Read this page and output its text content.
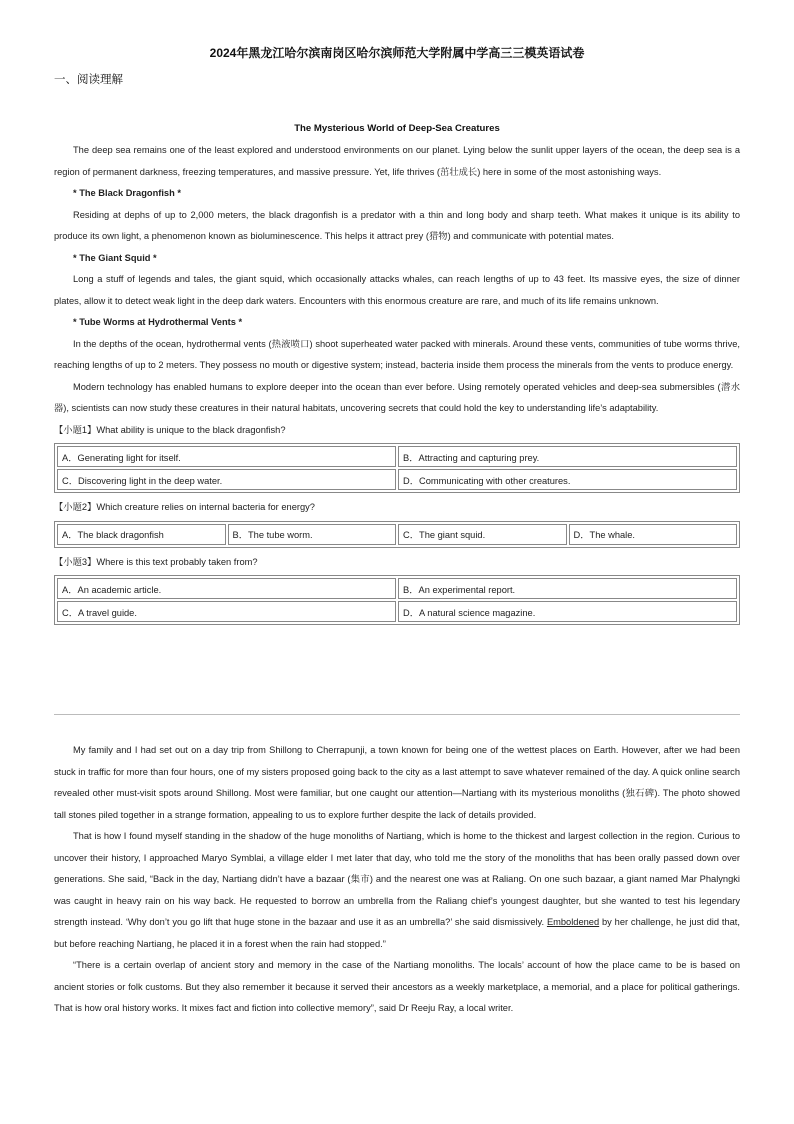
2024年黑龙江哈尔滨南岗区哈尔滨师范大学附属中学高三三模英语试卷
一、阅读理解
The Mysterious World of Deep-Sea Creatures

The deep sea remains one of the least explored and understood environments on our planet. Lying below the sunlit upper layers of the ocean, the deep sea is a region of permanent darkness, freezing temperatures, and massive pressure. Yet, life thrives (茁壮成长) here in some of the most astonishing ways.

* The Black Dragonfish *

Residing at dephs of up to 2,000 meters, the black dragonfish is a predator with a thin and long body and sharp teeth. What makes it unique is its ability to produce its own light, a phenomenon known as bioluminescence. This helps it attract prey (猎物) and communicate with potential mates.

* The Giant Squid *

Long a stuff of legends and tales, the giant squid, which occasionally attacks whales, can reach lengths of up to 43 feet. Its massive eyes, the size of dinner plates, allow it to detect weak light in the deep dark waters. Encounters with this enormous creature are rare, and much of its life remains unknown.

* Tube Worms at Hydrothermal Vents *

In the depths of the ocean, hydrothermal vents (热液喷口) shoot superheated water packed with minerals. Around these vents, communities of tube worms thrive, reaching lengths of up to 2 meters. They possess no mouth or digestive system; instead, bacteria inside them process the minerals from the vents to produce energy.

Modern technology has enabled humans to explore deeper into the ocean than ever before. Using remotely operated vehicles and deep-sea submersibles (潜水器), scientists can now study these creatures in their natural habitats, uncovering secrets that could hold the key to understanding life’s adaptability.

【小题1】What ability is unique to the black dragonfish?

A．Generating light for itself.	B．Attracting and capturing prey.
C．Discovering light in the deep water.	D．Communicating with other creatures.

【小题2】Which creature relies on internal bacteria for energy?

A．The black dragonfish	B．The tube worm.	C．The giant squid.	D．The whale.

【小题3】Where is this text probably taken from?

A．An academic article.	B．An experimental report.
C．A travel guide.	D．A natural science magazine.

My family and I had set out on a day trip from Shillong to Cherrapunji, a town known for being one of the wettest places on Earth. However, after we had been stuck in traffic for more than four hours, one of my sisters proposed going back to the city as a last attempt to save whatever remained of the day. A quick online search revealed other must-visit spots around Shillong. Most were familiar, but one caught our attention—Nartiang with its mysterious monoliths (独石碑). The photo showed tall stones piled together in a strange formation, appealing to us to explore further despite the lack of details provided.

That is how I found myself standing in the shadow of the huge monoliths of Nartiang, which is home to the thickest and largest collection in the region. Curious to uncover their history, I approached Maryo Symblai, a village elder I met later that day, who told me the story of the monoliths that has been orally passed down over generations. She said, “Back in the day, Nartiang didn’t have a bazaar (集市) and the nearest one was at Raliang. On one such bazaar, a giant named Mar Phalyngki was caught in heavy rain on his way back. He requested to borrow an umbrella from the Raliang chief’s youngest daughter, but she wanted to test his legendary strength instead. ‘Why don’t you go lift that huge stone in the bazaar and use it as an umbrella?’ she said dismissively. Emboldened by her challenge, he just did that, but before reaching Nartiang, he placed it in a forest when the rain had stopped.”

“There is a certain overlap of ancient story and memory in the case of the Nartiang monoliths. The locals’ account of how the place came to be is based on ancient stories or folk customs. But they also remember it because it served their ancestors as a weekly marketplace, a memorial, and a place for political gatherings. That is how oral history works. It mixes fact and fiction into collective memory”, said Dr Reeju Ray, a local writer.
